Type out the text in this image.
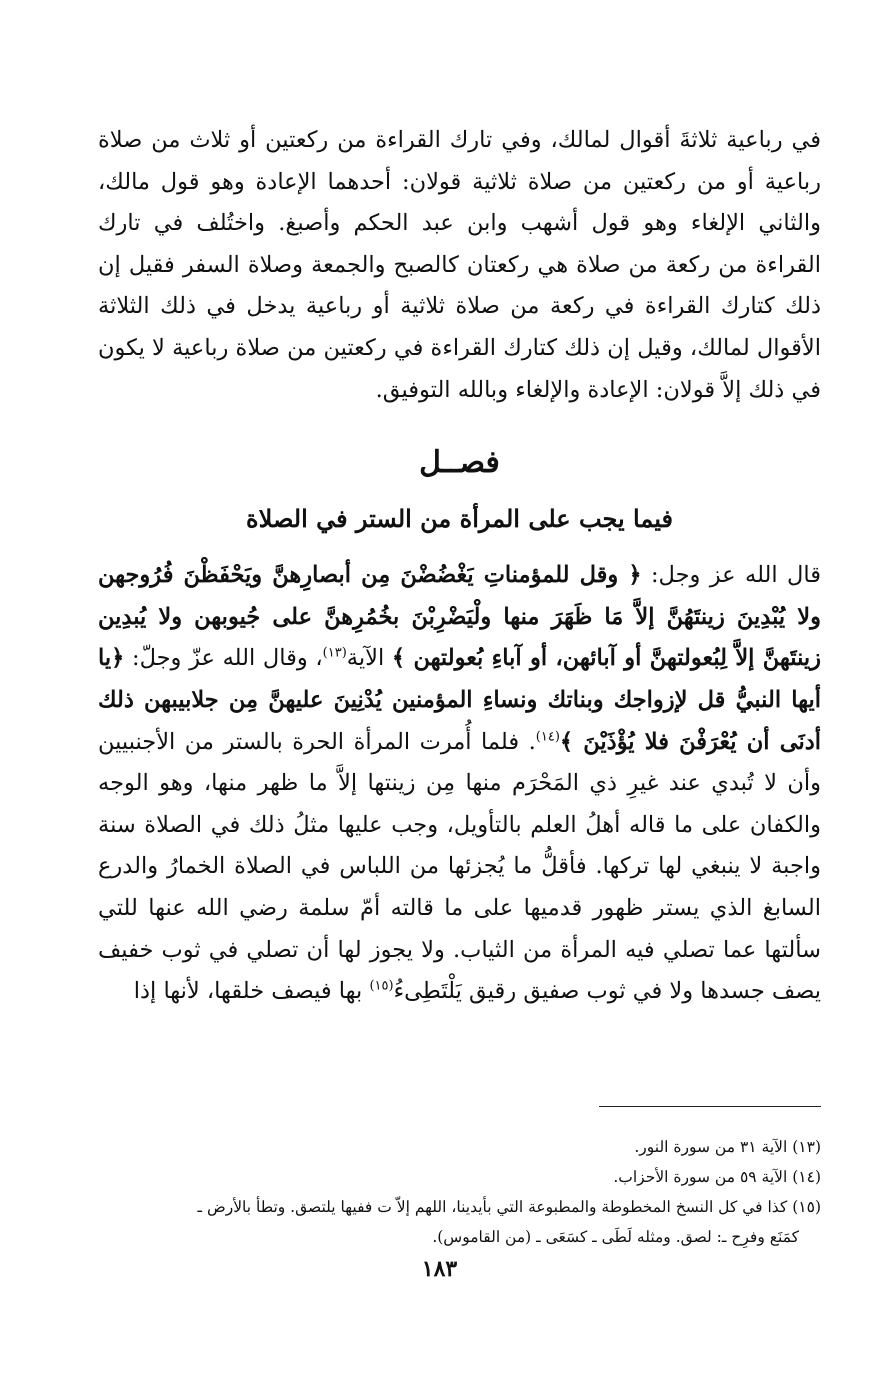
في رباعية ثلاثةَ أقوال لمالك، وفي تارك القراءة من ركعتين أو ثلاث من صلاة رباعية أو من ركعتين من صلاة ثلاثية قولان: أحدهما الإعادة وهو قول مالك، والثاني الإلغاء وهو قول أشهب وابن عبد الحكم وأصبغ. واختُلف في تارك القراءة من ركعة من صلاة هي ركعتان كالصبح والجمعة وصلاة السفر فقيل إن ذلك كتارك القراءة في ركعة من صلاة ثلاثية أو رباعية يدخل في ذلك الثلاثة الأقوال لمالك، وقيل إن ذلك كتارك القراءة في ركعتين من صلاة رباعية لا يكون في ذلك إلاَّ قولان: الإعادة والإلغاء وبالله التوفيق.

فصــل
فيما يجب على المرأة من الستر في الصلاة

قال الله عز وجل: ﴿ وقل للمؤمناتِ يَغْضُضْنَ مِن أبصارِهنَّ ويَحْفَظْنَ فُرُوجهن ولا يُبْدِينَ زينتَهُنَّ إلاَّ مَا ظَهَرَ منها ولْيَضْرِبْنَ بخُمُرِهنَّ على جُيوبهن ولا يُبدِين زينتَهنَّ إلاَّ لِبُعولتهنَّ أو آبائهن، أو آباءِ بُعولتهن ﴾ الآية$^{(١٣)}$، وقال الله عزّ وجلّ: ﴿يا أيها النبيُّ قل لإزواجك وبناتك ونساءِ المؤمنين يُدْنِينَ عليهنَّ مِن جلابيبهن ذلك أدنَى أن يُعْرَفْنَ فلا يُؤْذَيْنَ ﴾$^{(١٤)}$. فلما أُمرت المرأة الحرة بالستر من الأجنبيين وأن لا تُبدي عند غيرِ ذي المَحْرَم منها مِن زينتها إلاَّ ما ظهر منها، وهو الوجه والكفان على ما قاله أهلُ العلم بالتأويل، وجب عليها مثلُ ذلك في الصلاة سنة واجبة لا ينبغي لها تركها. فأقلُّ ما يُجزئها من اللباس في الصلاة الخمارُ والدرع السابغ الذي يستر ظهور قدميها على ما قالته أمّ سلمة رضي الله عنها للتي سألتها عما تصلي فيه المرأة من الثياب. ولا يجوز لها أن تصلي في ثوب خفيف يصف جسدها ولا في ثوب صفيق رقيق يَلْتَطِىءُ$^{(١٥)}$ بها فيصف خلقها، لأنها إذا

(١٣) الآية ٣١ من سورة النور.

(١٤) الآية ٥٩ من سورة الأحزاب.

(١٥) كذا في كل النسخ المخطوطة والمطبوعة التي بأيدينا، اللهم إلاّ ت ففيها يلتصق. وتطأ بالأرض ـ

كمَنَع وفرِح ـ: لصق. ومثله لَطَى ـ كسَعَى ـ (من القاموس).

١٨٣
